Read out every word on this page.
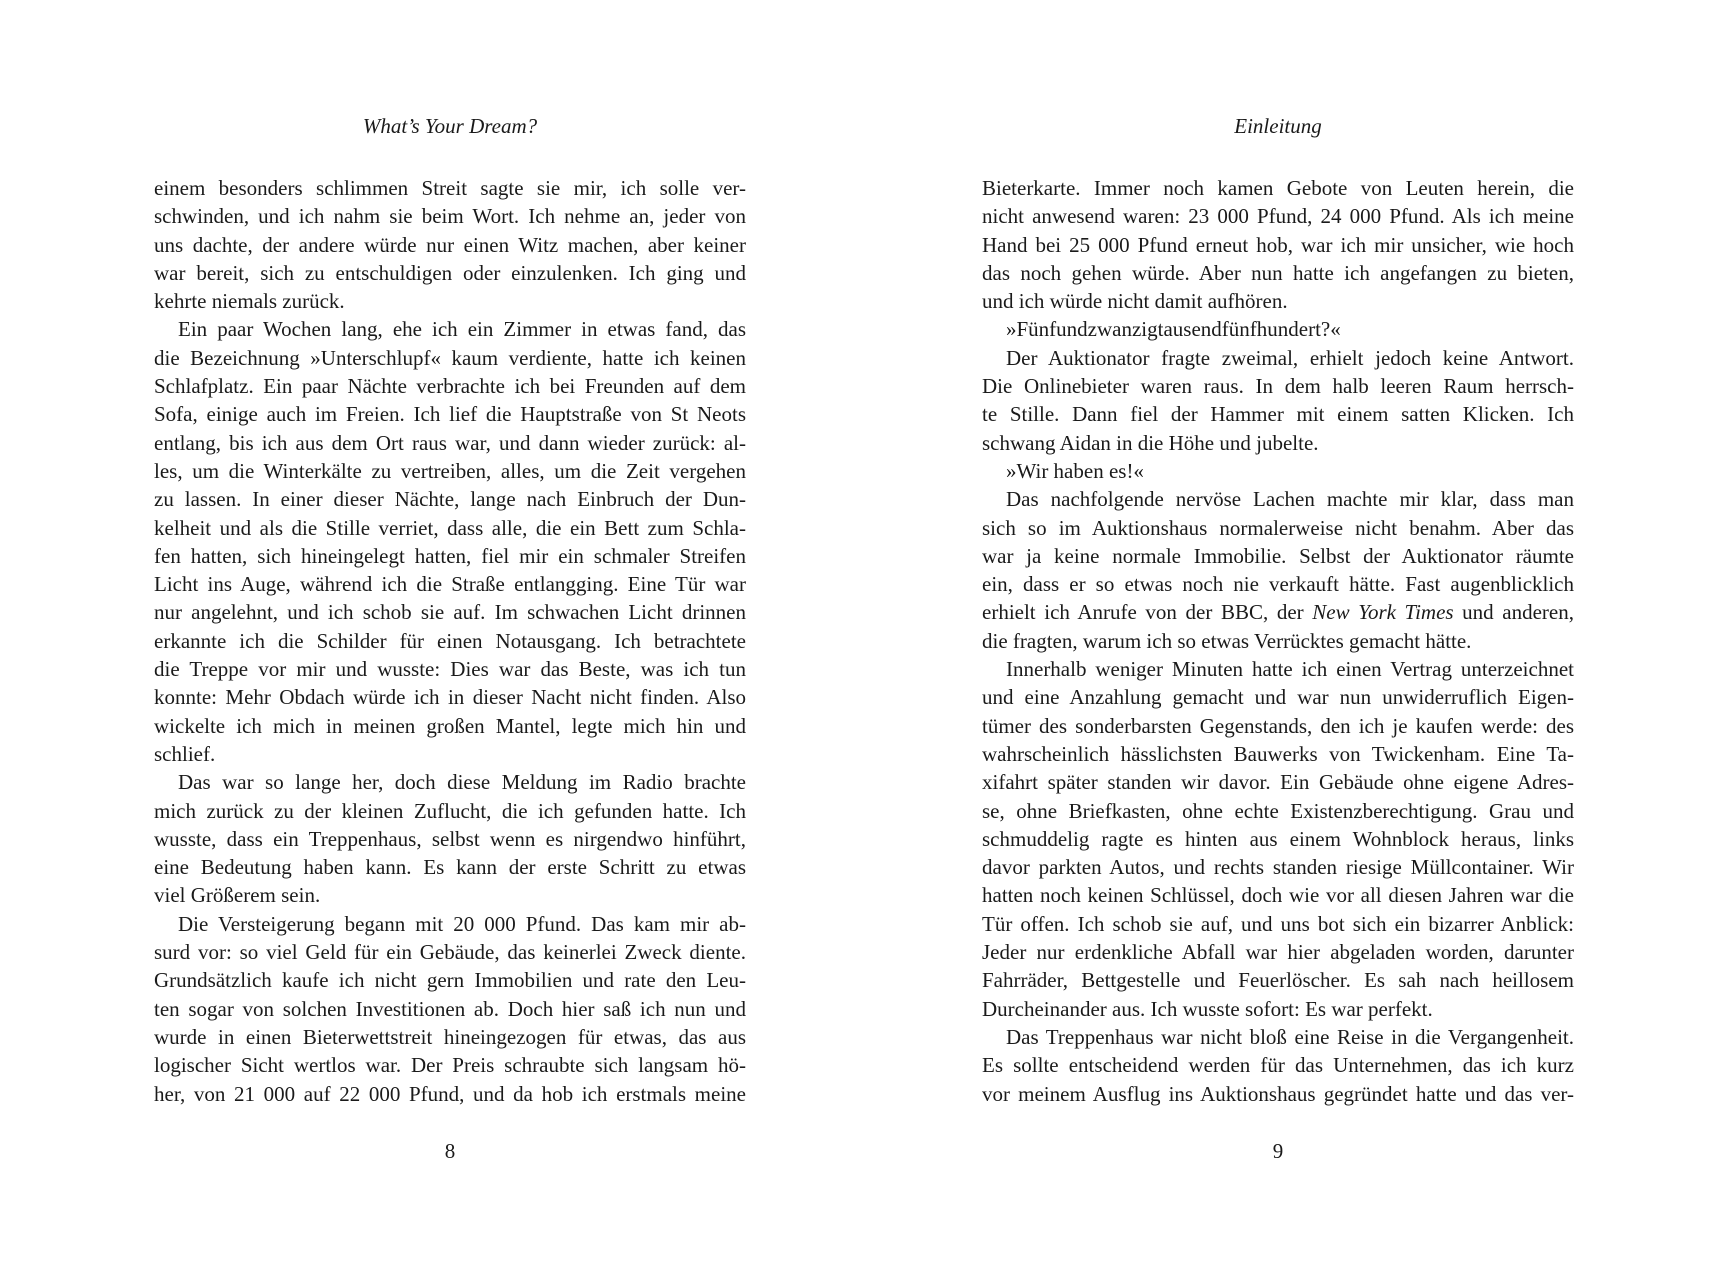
What’s Your Dream?
einem besonders schlimmen Streit sagte sie mir, ich solle ver-
schwinden, und ich nahm sie beim Wort. Ich nehme an, jeder von
uns dachte, der andere würde nur einen Witz machen, aber keiner
war bereit, sich zu entschuldigen oder einzulenken. Ich ging und
kehrte niemals zurück.
Ein paar Wochen lang, ehe ich ein Zimmer in etwas fand, das
die Bezeichnung »Unterschlupf« kaum verdiente, hatte ich keinen
Schlafplatz. Ein paar Nächte verbrachte ich bei Freunden auf dem
Sofa, einige auch im Freien. Ich lief die Hauptstraße von St Neots
entlang, bis ich aus dem Ort raus war, und dann wieder zurück: al-
les, um die Winterkälte zu vertreiben, alles, um die Zeit vergehen
zu lassen. In einer dieser Nächte, lange nach Einbruch der Dun-
kelheit und als die Stille verriet, dass alle, die ein Bett zum Schla-
fen hatten, sich hineingelegt hatten, fiel mir ein schmaler Streifen
Licht ins Auge, während ich die Straße entlangging. Eine Tür war
nur angelehnt, und ich schob sie auf. Im schwachen Licht drinnen
erkannte ich die Schilder für einen Notausgang. Ich betrachtete
die Treppe vor mir und wusste: Dies war das Beste, was ich tun
konnte: Mehr Obdach würde ich in dieser Nacht nicht finden. Also
wickelte ich mich in meinen großen Mantel, legte mich hin und
schlief.
Das war so lange her, doch diese Meldung im Radio brachte
mich zurück zu der kleinen Zuflucht, die ich gefunden hatte. Ich
wusste, dass ein Treppenhaus, selbst wenn es nirgendwo hinführt,
eine Bedeutung haben kann. Es kann der erste Schritt zu etwas
viel Größerem sein.
Die Versteigerung begann mit 20 000 Pfund. Das kam mir ab-
surd vor: so viel Geld für ein Gebäude, das keinerlei Zweck diente.
Grundsätzlich kaufe ich nicht gern Immobilien und rate den Leu-
ten sogar von solchen Investitionen ab. Doch hier saß ich nun und
wurde in einen Bieterwettstreit hineingezogen für etwas, das aus
logischer Sicht wertlos war. Der Preis schraubte sich langsam hö-
her, von 21 000 auf 22 000 Pfund, und da hob ich erstmals meine
8
Einleitung
Bieterkarte. Immer noch kamen Gebote von Leuten herein, die
nicht anwesend waren: 23 000 Pfund, 24 000 Pfund. Als ich meine
Hand bei 25 000 Pfund erneut hob, war ich mir unsicher, wie hoch
das noch gehen würde. Aber nun hatte ich angefangen zu bieten,
und ich würde nicht damit aufhören.
»Fünfundzwanzigtausendfünfhundert?«
Der Auktionator fragte zweimal, erhielt jedoch keine Antwort.
Die Onlinebieter waren raus. In dem halb leeren Raum herrsch-
te Stille. Dann fiel der Hammer mit einem satten Klicken. Ich
schwang Aidan in die Höhe und jubelte.
»Wir haben es!«
Das nachfolgende nervöse Lachen machte mir klar, dass man
sich so im Auktionshaus normalerweise nicht benahm. Aber das
war ja keine normale Immobilie. Selbst der Auktionator räumte
ein, dass er so etwas noch nie verkauft hätte. Fast augenblicklich
erhielt ich Anrufe von der BBC, der New York Times und anderen,
die fragten, warum ich so etwas Verrücktes gemacht hätte.
Innerhalb weniger Minuten hatte ich einen Vertrag unterzeichnet
und eine Anzahlung gemacht und war nun unwiderruflich Eigen-
tümer des sonderbarsten Gegenstands, den ich je kaufen werde: des
wahrscheinlich hässlichsten Bauwerks von Twickenham. Eine Ta-
xifahrt später standen wir davor. Ein Gebäude ohne eigene Adres-
se, ohne Briefkasten, ohne echte Existenzberechtigung. Grau und
schmuddelig ragte es hinten aus einem Wohnblock heraus, links
davor parkten Autos, und rechts standen riesige Müllcontainer. Wir
hatten noch keinen Schlüssel, doch wie vor all diesen Jahren war die
Tür offen. Ich schob sie auf, und uns bot sich ein bizarrer Anblick:
Jeder nur erdenkliche Abfall war hier abgeladen worden, darunter
Fahrräder, Bettgestelle und Feuerlöscher. Es sah nach heillosem
Durcheinander aus. Ich wusste sofort: Es war perfekt.
Das Treppenhaus war nicht bloß eine Reise in die Vergangenheit.
Es sollte entscheidend werden für das Unternehmen, das ich kurz
vor meinem Ausflug ins Auktionshaus gegründet hatte und das ver-
9
